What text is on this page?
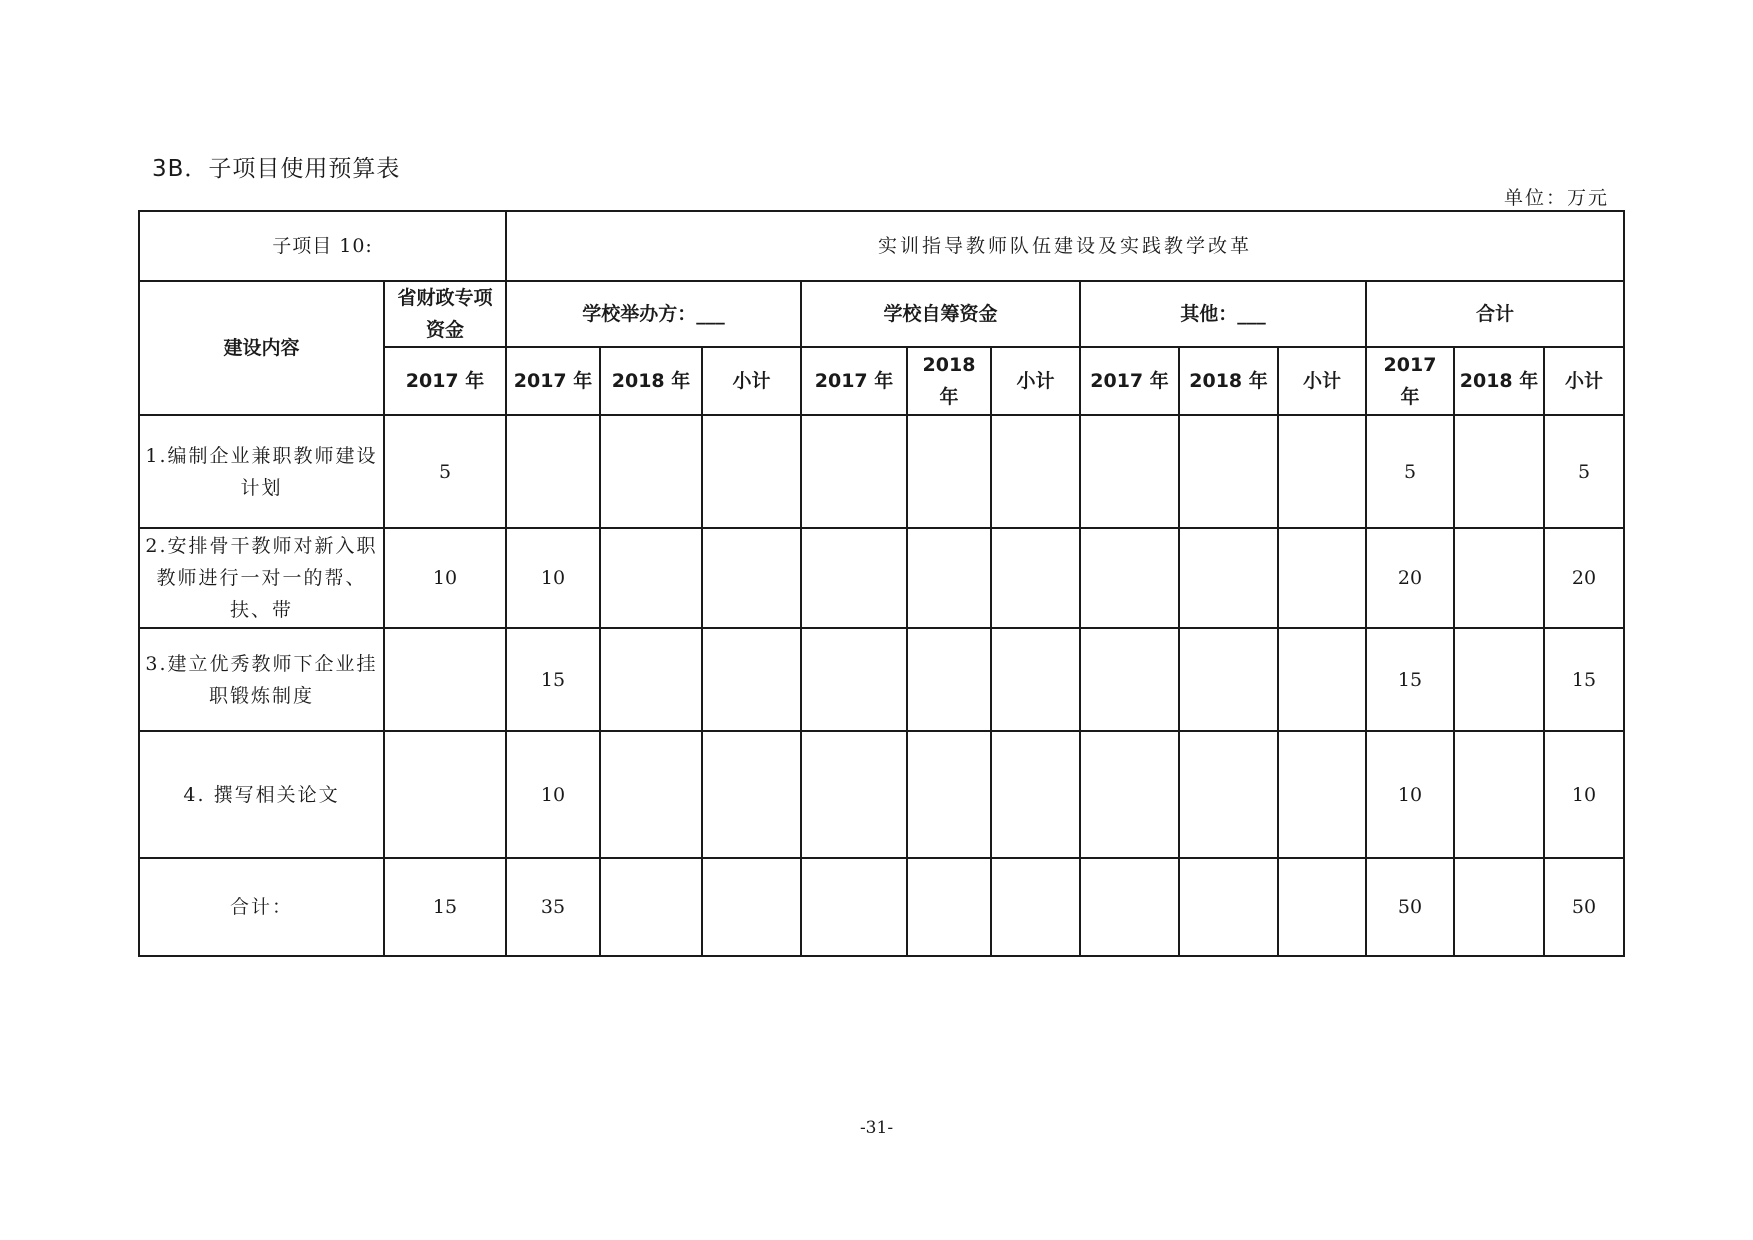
3B．子项目使用预算表
单位：万元
子项目 10:		实训指导教师队伍建设及实践教学改革											
建设内容	省财政专项资金	学校举办方：___			学校自筹资金			其他：___			合计		
	2017 年	2017 年	2018 年	小计	2017 年	2018 年	小计	2017 年	2018 年	小计	2017 年	2018 年	小计
1.编制企业兼职教师建设计划	5										5		5
2.安排骨干教师对新入职教师进行一对一的帮、扶、带	10	10									20		20
3.建立优秀教师下企业挂职锻炼制度		15									15		15
4. 撰写相关论文		10									10		10
合计：	15	35									50		50
-31-
